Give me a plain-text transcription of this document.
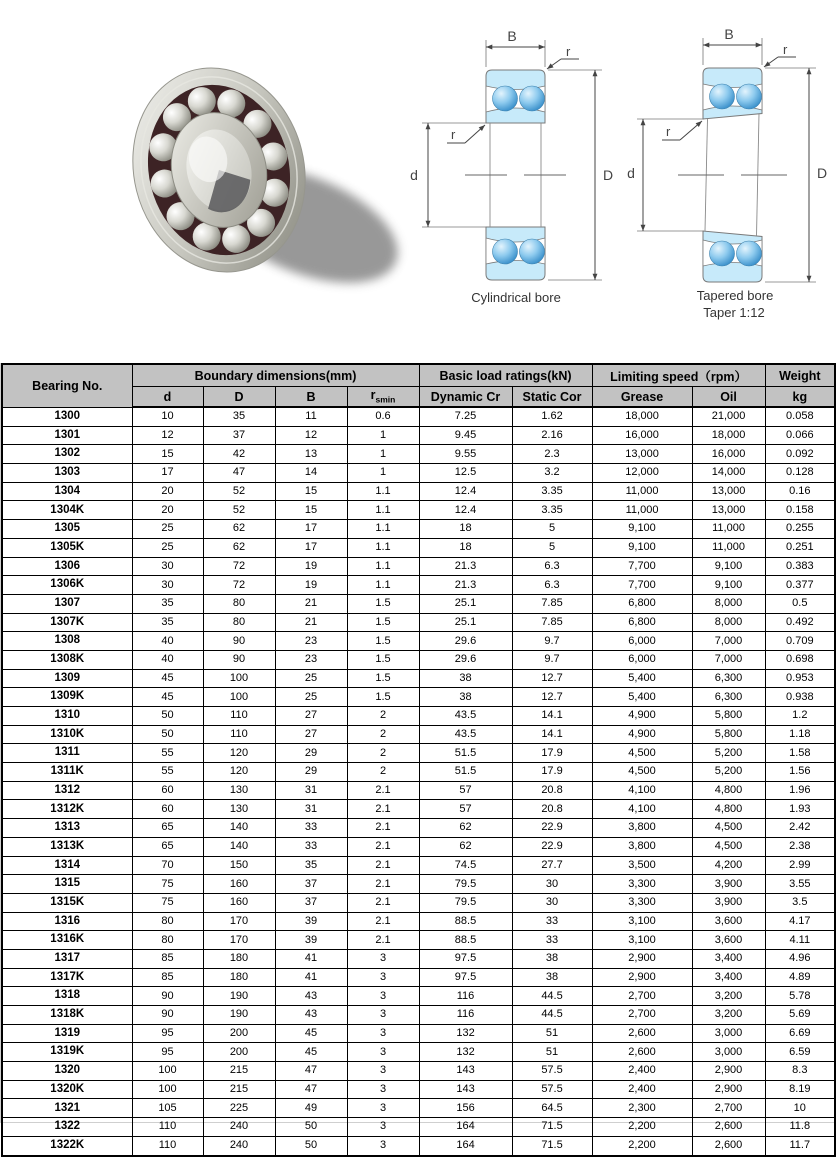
B
r
r
d	D
Cylindrical bore
B
r
r
d	D
Tapered bore
Taper 1:12
Bearing No.	Boundary dimensions(mm)				Basic load ratings(kN)		Limiting speed（rpm）		Weight
	d	D	B	$r_{smin}$	Dynamic Cr	Static Cor	Grease	Oil	kg
1300	10	35	11	0.6	7.25	1.62	18,000	21,000	0.058
1301	12	37	12	1	9.45	2.16	16,000	18,000	0.066
1302	15	42	13	1	9.55	2.3	13,000	16,000	0.092
1303	17	47	14	1	12.5	3.2	12,000	14,000	0.128
1304	20	52	15	1.1	12.4	3.35	11,000	13,000	0.16
1304K	20	52	15	1.1	12.4	3.35	11,000	13,000	0.158
1305	25	62	17	1.1	18	5	9,100	11,000	0.255
1305K	25	62	17	1.1	18	5	9,100	11,000	0.251
1306	30	72	19	1.1	21.3	6.3	7,700	9,100	0.383
1306K	30	72	19	1.1	21.3	6.3	7,700	9,100	0.377
1307	35	80	21	1.5	25.1	7.85	6,800	8,000	0.5
1307K	35	80	21	1.5	25.1	7.85	6,800	8,000	0.492
1308	40	90	23	1.5	29.6	9.7	6,000	7,000	0.709
1308K	40	90	23	1.5	29.6	9.7	6,000	7,000	0.698
1309	45	100	25	1.5	38	12.7	5,400	6,300	0.953
1309K	45	100	25	1.5	38	12.7	5,400	6,300	0.938
1310	50	110	27	2	43.5	14.1	4,900	5,800	1.2
1310K	50	110	27	2	43.5	14.1	4,900	5,800	1.18
1311	55	120	29	2	51.5	17.9	4,500	5,200	1.58
1311K	55	120	29	2	51.5	17.9	4,500	5,200	1.56
1312	60	130	31	2.1	57	20.8	4,100	4,800	1.96
1312K	60	130	31	2.1	57	20.8	4,100	4,800	1.93
1313	65	140	33	2.1	62	22.9	3,800	4,500	2.42
1313K	65	140	33	2.1	62	22.9	3,800	4,500	2.38
1314	70	150	35	2.1	74.5	27.7	3,500	4,200	2.99
1315	75	160	37	2.1	79.5	30	3,300	3,900	3.55
1315K	75	160	37	2.1	79.5	30	3,300	3,900	3.5
1316	80	170	39	2.1	88.5	33	3,100	3,600	4.17
1316K	80	170	39	2.1	88.5	33	3,100	3,600	4.11
1317	85	180	41	3	97.5	38	2,900	3,400	4.96
1317K	85	180	41	3	97.5	38	2,900	3,400	4.89
1318	90	190	43	3	116	44.5	2,700	3,200	5.78
1318K	90	190	43	3	116	44.5	2,700	3,200	5.69
1319	95	200	45	3	132	51	2,600	3,000	6.69
1319K	95	200	45	3	132	51	2,600	3,000	6.59
1320	100	215	47	3	143	57.5	2,400	2,900	8.3
1320K	100	215	47	3	143	57.5	2,400	2,900	8.19
1321	105	225	49	3	156	64.5	2,300	2,700	10
1322	110	240	50	3	164	71.5	2,200	2,600	11.8
1322K	110	240	50	3	164	71.5	2,200	2,600	11.7
